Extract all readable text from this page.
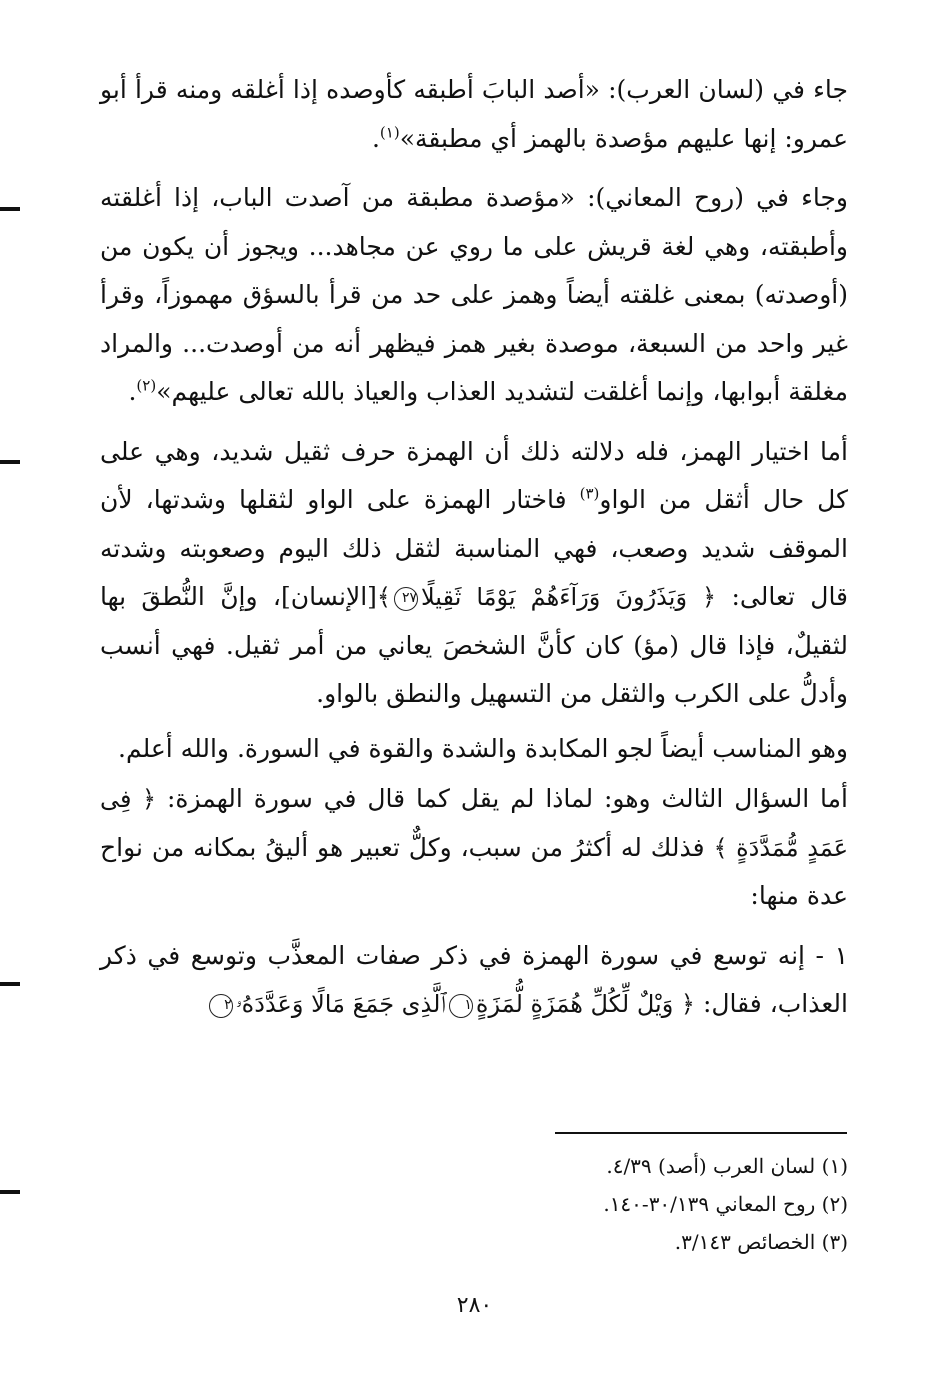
جاء في (لسان العرب): «أصد البابَ أطبقه كأوصده إذا أغلقه ومنه قرأ أبو عمرو: إنها عليهم مؤصدة بالهمز أي مطبقة»$^{(١)}$.

وجاء في (روح المعاني): «مؤصدة مطبقة من آصدت الباب، إذا أغلقته وأطبقته، وهي لغة قريش على ما روي عن مجاهد... ويجوز أن يكون من (أوصدته) بمعنى غلقته أيضاً وهمز على حد من قرأ بالسؤق مهموزاً، وقرأ غير واحد من السبعة، موصدة بغير همز فيظهر أنه من أوصدت... والمراد مغلقة أبوابها، وإنما أغلقت لتشديد العذاب والعياذ بالله تعالى عليهم»$^{(٢)}$.

أما اختيار الهمز، فله دلالته ذلك أن الهمزة حرف ثقيل شديد، وهي على كل حال أثقل من الواو$^{(٣)}$ فاختار الهمزة على الواو لثقلها وشدتها، لأن الموقف شديد وصعب، فهي المناسبة لثقل ذلك اليوم وصعوبته وشدته قال تعالى: ﴿ وَيَذَرُونَ وَرَآءَهُمْ يَوْمًا ثَقِيلًا٢٧﴾[الإنسان]، وإنَّ النُّطقَ بها لثقيلٌ، فإذا قال (مؤ) كان كأنَّ الشخصَ يعاني من أمر ثقيل. فهي أنسب وأدلُّ على الكرب والثقل من التسهيل والنطق بالواو.

وهو المناسب أيضاً لجو المكابدة والشدة والقوة في السورة. والله أعلم.

أما السؤال الثالث وهو: لماذا لم يقل كما قال في سورة الهمزة: ﴿ فِى عَمَدٍ مُّمَدَّدَةٍ ﴾ فذلك له أكثرُ من سبب، وكلٌّ تعبير هو أليقُ بمكانه من نواح عدة منها:

١ - إنه توسع في سورة الهمزة في ذكر صفات المعذَّب وتوسع في ذكر العذاب، فقال: ﴿ وَيْلٌ لِّكُلِّ هُمَزَةٍ لُّمَزَةٍ١ٱلَّذِى جَمَعَ مَالًا وَعَدَّدَهُۥ٢

(١) لسان العرب (أصد) ٤/٣٩.

(٢) روح المعاني ٣٠/١٣٩-١٤٠.

(٣) الخصائص ٣/١٤٣.

٢٨٠
